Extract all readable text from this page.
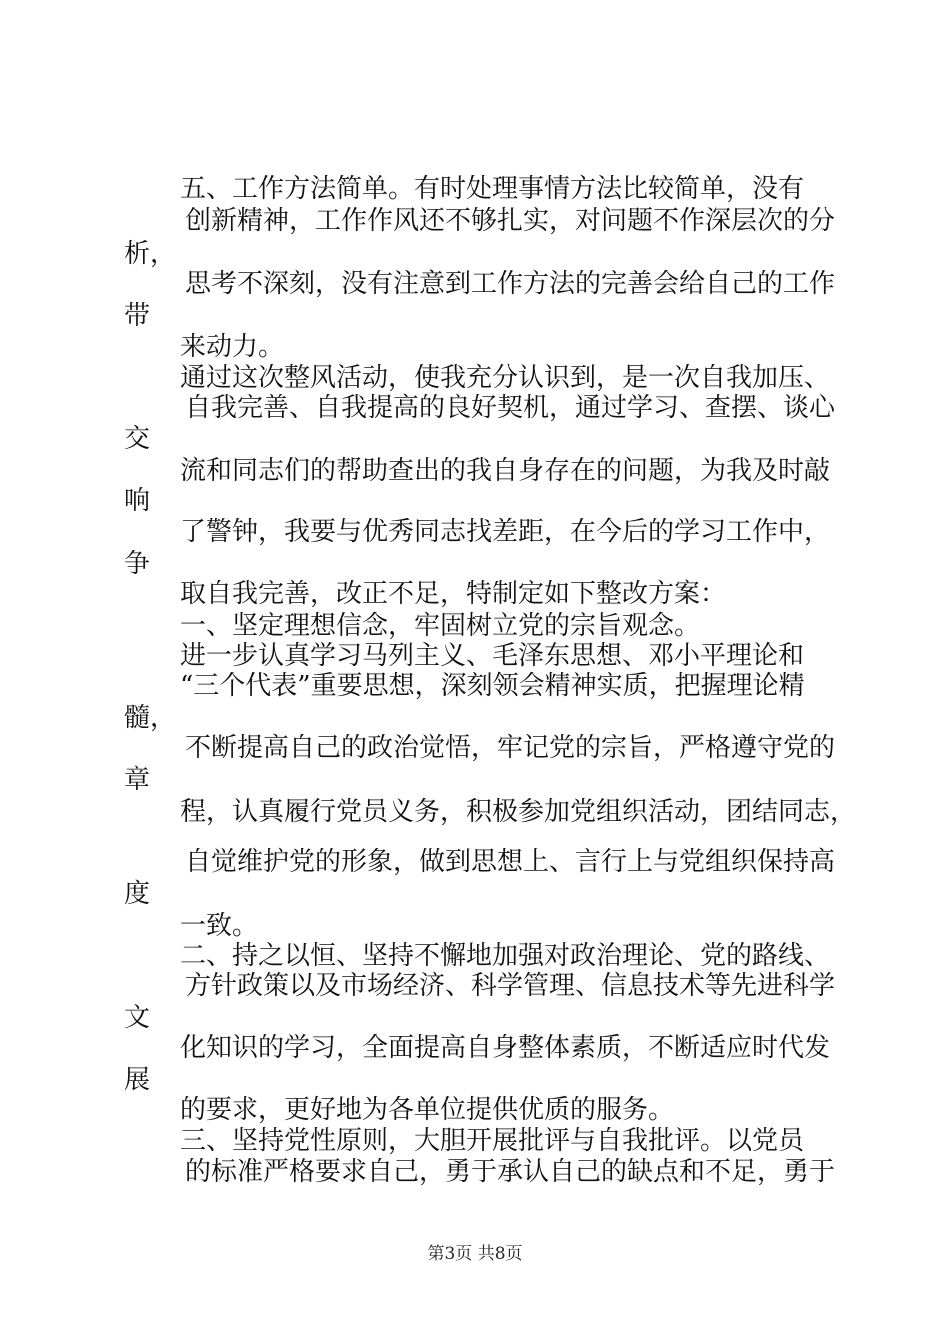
五、工作方法简单。有时处理事情方法比较简单，没有
创新精神，工作作风还不够扎实，对问题不作深层次的分
析，
思考不深刻，没有注意到工作方法的完善会给自己的工作
带
来动力。
通过这次整风活动，使我充分认识到，是一次自我加压、
自我完善、自我提高的良好契机，通过学习、查摆、谈心
交
流和同志们的帮助查出的我自身存在的问题，为我及时敲
响
了警钟，我要与优秀同志找差距，在今后的学习工作中，
争
取自我完善，改正不足，特制定如下整改方案：
一、坚定理想信念，牢固树立党的宗旨观念。
进一步认真学习马列主义、毛泽东思想、邓小平理论和
“三个代表”重要思想，深刻领会精神实质，把握理论精
髓，
不断提高自己的政治觉悟，牢记党的宗旨，严格遵守党的
章
程，认真履行党员义务，积极参加党组织活动，团结同志，
自觉维护党的形象，做到思想上、言行上与党组织保持高
度
一致。
二、持之以恒、坚持不懈地加强对政治理论、党的路线、
方针政策以及市场经济、科学管理、信息技术等先进科学
文
化知识的学习，全面提高自身整体素质，不断适应时代发
展
的要求，更好地为各单位提供优质的服务。
三、坚持党性原则，大胆开展批评与自我批评。以党员
的标准严格要求自己，勇于承认自己的缺点和不足，勇于
第3页 共8页
